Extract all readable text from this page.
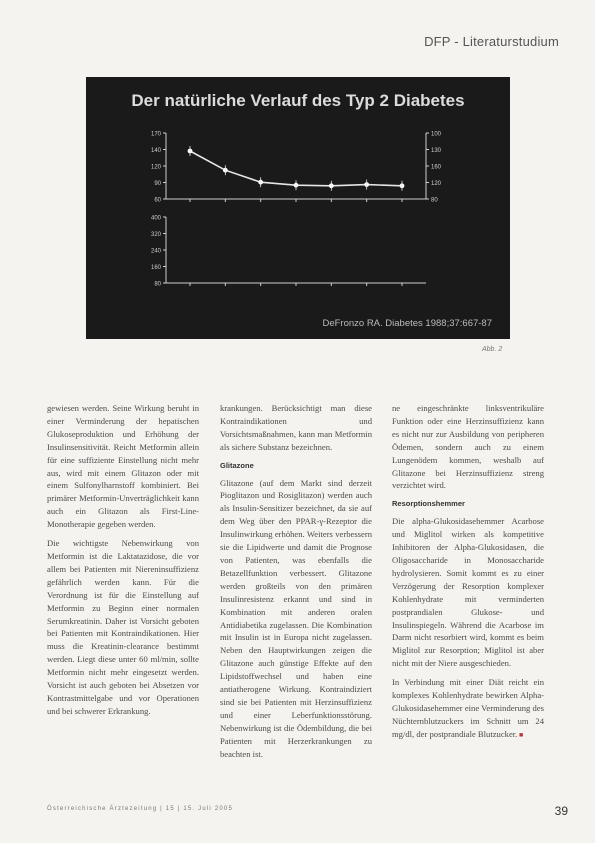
DFP - Literaturstudium
Der natürliche Verlauf des Typ 2 Diabetes
170
140
120
90
60
100
130
160
120
80
400
320
240
160
80
DeFronzo RA. Diabetes 1988;37:667-87
Abb. 2

gewiesen werden. Seine Wirkung beruht in einer Verminderung der hepatischen Glukoseproduktion und Erhöhung der Insulinsensitivität. Reicht Metformin allein für eine suffiziente Einstellung nicht mehr aus, wird mit einem Glitazon oder mit einem Sulfonylharnstoff kombiniert. Bei primärer Metformin-Unverträglichkeit kann auch ein Glitazon als First-Line-Monotherapie gegeben werden.

Die wichtigste Nebenwirkung von Metformin ist die Laktatazidose, die vor allem bei Patienten mit Niereninsuffizienz gefährlich werden kann. Für die Verordnung ist für die Einstellung auf Metformin zu Beginn einer normalen Serumkreatinin. Daher ist Vorsicht geboten bei Patienten mit Kontraindikationen. Hier muss die Kreatinin-clearance bestimmt werden. Liegt diese unter 60 ml/min, sollte Metformin nicht mehr eingesetzt werden. Vorsicht ist auch geboten bei Absetzen vor Kontrastmittelgabe und vor Operationen und bei schwerer Erkrankung.

krankungen. Berücksichtigt man diese Kontraindikationen und Vorsichtsmaßnahmen, kann man Metformin als sichere Substanz bezeichnen.

Glitazone

Glitazone (auf dem Markt sind derzeit Pioglitazon und Rosiglitazon) werden auch als Insulin-Sensitizer bezeichnet, da sie auf dem Weg über den PPAR-γ-Rezeptor die Insulinwirkung erhöhen. Weiters verbessern sie die Lipidwerte und damit die Prognose von Patienten, was ebenfalls die Betazellfunktion verbessert. Glitazone werden großteils von den primären Insulinresistenz erkannt und sind in Kombination mit anderen oralen Antidiabetika zugelassen. Die Kombination mit Insulin ist in Europa nicht zugelassen. Neben den Hauptwirkungen zeigen die Glitazone auch günstige Effekte auf den Lipidstoffwechsel und haben eine antiatherogene Wirkung. Kontraindiziert sind sie bei Patienten mit Herzinsuffizienz und einer Leberfunktionsstörung. Nebenwirkung ist die Ödembildung, die bei Patienten mit Herzerkrankungen zu beachten ist.

ne eingeschränkte linksventrikuläre Funktion oder eine Herzinsuffizienz kann es nicht nur zur Ausbildung von peripheren Ödemen, sondern auch zu einem Lungenödem kommen, weshalb auf Glitazone bei Herzinsuffizienz streng verzichtet wird.

Resorptionshemmer

Die alpha-Glukosidasehemmer Acarbose und Miglitol wirken als kompetitive Inhibitoren der Alpha-Glukosidasen, die Oligosaccharide in Monosaccharide hydrolysieren. Somit kommt es zu einer Verzögerung der Resorption komplexer Kohlenhydrate mit verminderten postprandialen Glukose- und Insulinspiegeln. Während die Acarbose im Darm nicht resorbiert wird, kommt es beim Miglitol zur Resorption; Miglitol ist aber nicht mit der Niere ausgeschieden.

In Verbindung mit einer Diät reicht ein komplexes Kohlenhydrate bewirken Alpha-Glukosidasehemmer eine Verminderung des Nüchternblutzuckers im Schnitt um 24 mg/dl, der postprandiale Blutzucker. ■

Österreichische Ärztezeitung | 15 | 15. Juli 2005	39
